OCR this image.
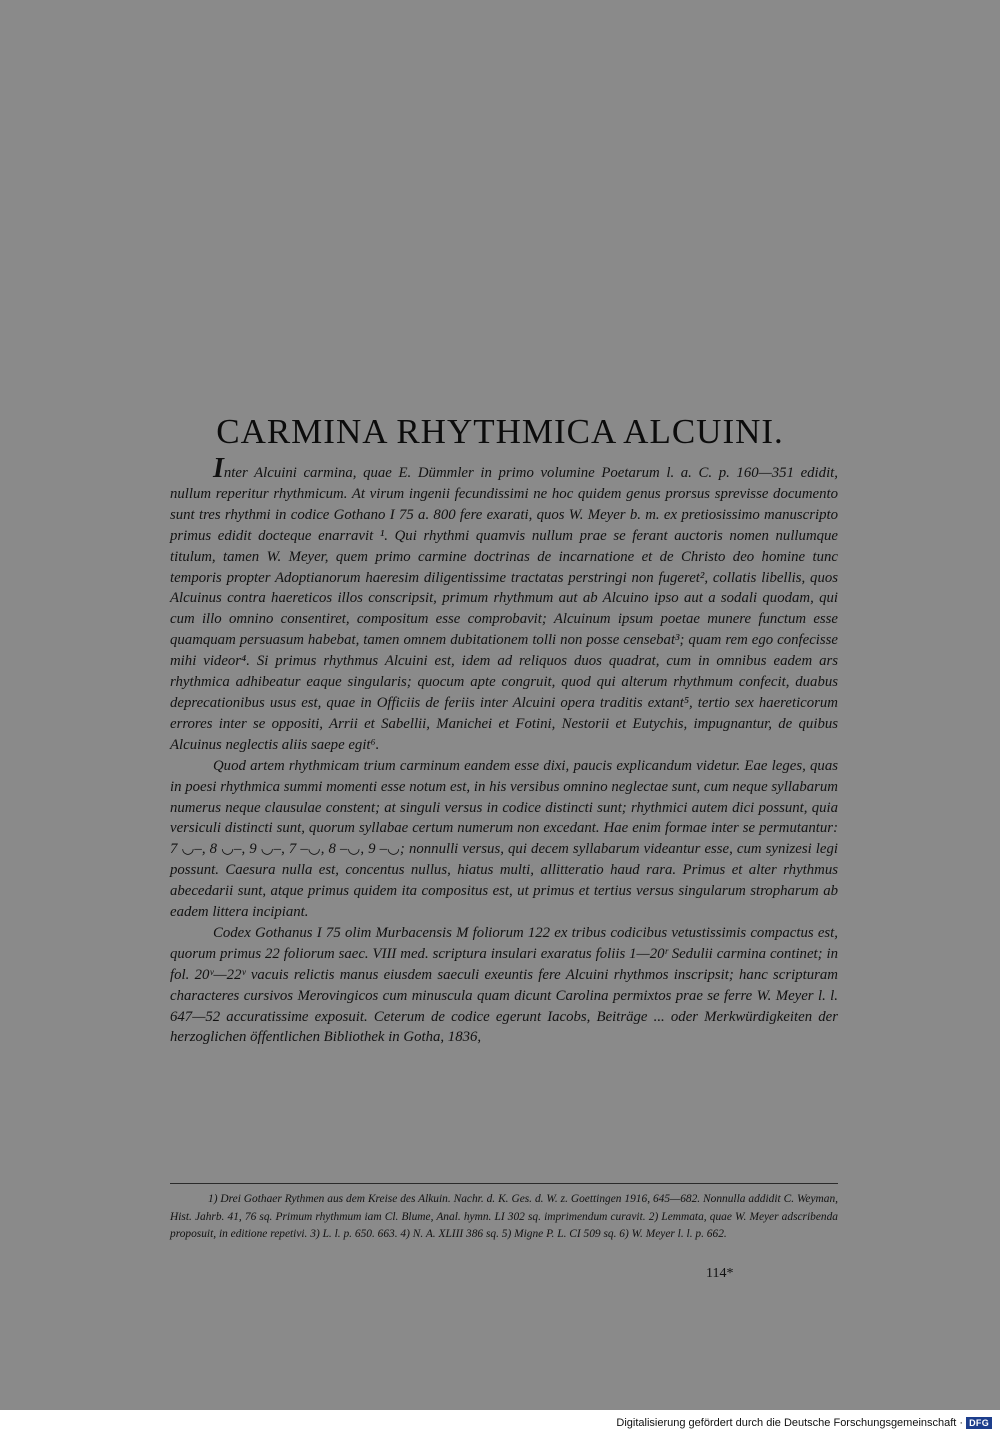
CARMINA RHYTHMICA ALCUINI.

Inter Alcuini carmina, quae E. Dümmler in primo volumine Poetarum l. a. C. p. 160—351 edidit, nullum reperitur rhythmicum. At virum ingenii fecundissimi ne hoc quidem genus prorsus sprevisse documento sunt tres rhythmi in codice Gothano I 75 a. 800 fere exarati, quos W. Meyer b. m. ex pretiosissimo manuscripto primus edidit docteque enarravit ¹. Qui rhythmi quamvis nullum prae se ferant auctoris nomen nullumque titulum, tamen W. Meyer, quem primo carmine doctrinas de incarnatione et de Christo deo homine tunc temporis propter Adoptianorum haeresim diligentissime tractatas perstringi non fugeret², collatis libellis, quos Alcuinus contra haereticos illos conscripsit, primum rhythmum aut ab Alcuino ipso aut a sodali quodam, qui cum illo omnino consentiret, compositum esse comprobavit; Alcuinum ipsum poetae munere functum esse quamquam persuasum habebat, tamen omnem dubitationem tolli non posse censebat³; quam rem ego confecisse mihi videor⁴. Si primus rhythmus Alcuini est, idem ad reliquos duos quadrat, cum in omnibus eadem ars rhythmica adhibeatur eaque singularis; quocum apte congruit, quod qui alterum rhythmum confecit, duabus deprecationibus usus est, quae in Officiis de feriis inter Alcuini opera traditis extant⁵, tertio sex haereticorum errores inter se oppositi, Arrii et Sabellii, Manichei et Fotini, Nestorii et Eutychis, impugnantur, de quibus Alcuinus neglectis aliis saepe egit⁶.

Quod artem rhythmicam trium carminum eandem esse dixi, paucis explicandum videtur. Eae leges, quas in poesi rhythmica summi momenti esse notum est, in his versibus omnino neglectae sunt, cum neque syllabarum numerus neque clausulae constent; at singuli versus in codice distincti sunt; rhythmici autem dici possunt, quia versiculi distincti sunt, quorum syllabae certum numerum non excedant. Hae enim formae inter se permutantur: 7 ◡–, 8 ◡–, 9 ◡–, 7 –◡, 8 –◡, 9 –◡; nonnulli versus, qui decem syllabarum videantur esse, cum synizesi legi possunt. Caesura nulla est, concentus nullus, hiatus multi, allitteratio haud rara. Primus et alter rhythmus abecedarii sunt, atque primus quidem ita compositus est, ut primus et tertius versus singularum stropharum ab eadem littera incipiant.

Codex Gothanus I 75 olim Murbacensis M foliorum 122 ex tribus codicibus vetustissimis compactus est, quorum primus 22 foliorum saec. VIII med. scriptura insulari exaratus foliis 1—20ʳ Sedulii carmina continet; in fol. 20ᵛ—22ᵛ vacuis relictis manus eiusdem saeculi exeuntis fere Alcuini rhythmos inscripsit; hanc scripturam characteres cursivos Merovingicos cum minuscula quam dicunt Carolina permixtos prae se ferre W. Meyer l. l. 647—52 accuratissime exposuit. Ceterum de codice egerunt Iacobs, Beiträge ... oder Merkwürdigkeiten der herzoglichen öffentlichen Bibliothek in Gotha, 1836,

1) Drei Gothaer Rythmen aus dem Kreise des Alkuin. Nachr. d. K. Ges. d. W. z. Goettingen 1916, 645—682. Nonnulla addidit C. Weyman, Hist. Jahrb. 41, 76 sq. Primum rhythmum iam Cl. Blume, Anal. hymn. LI 302 sq. imprimendum curavit. 2) Lemmata, quae W. Meyer adscribenda proposuit, in editione repetivi. 3) L. l. p. 650. 663. 4) N. A. XLIII 386 sq. 5) Migne P. L. CI 509 sq. 6) W. Meyer l. l. p. 662.

114*
Digitalisierung gefördert durch die Deutsche Forschungsgemeinschaft · DFG
